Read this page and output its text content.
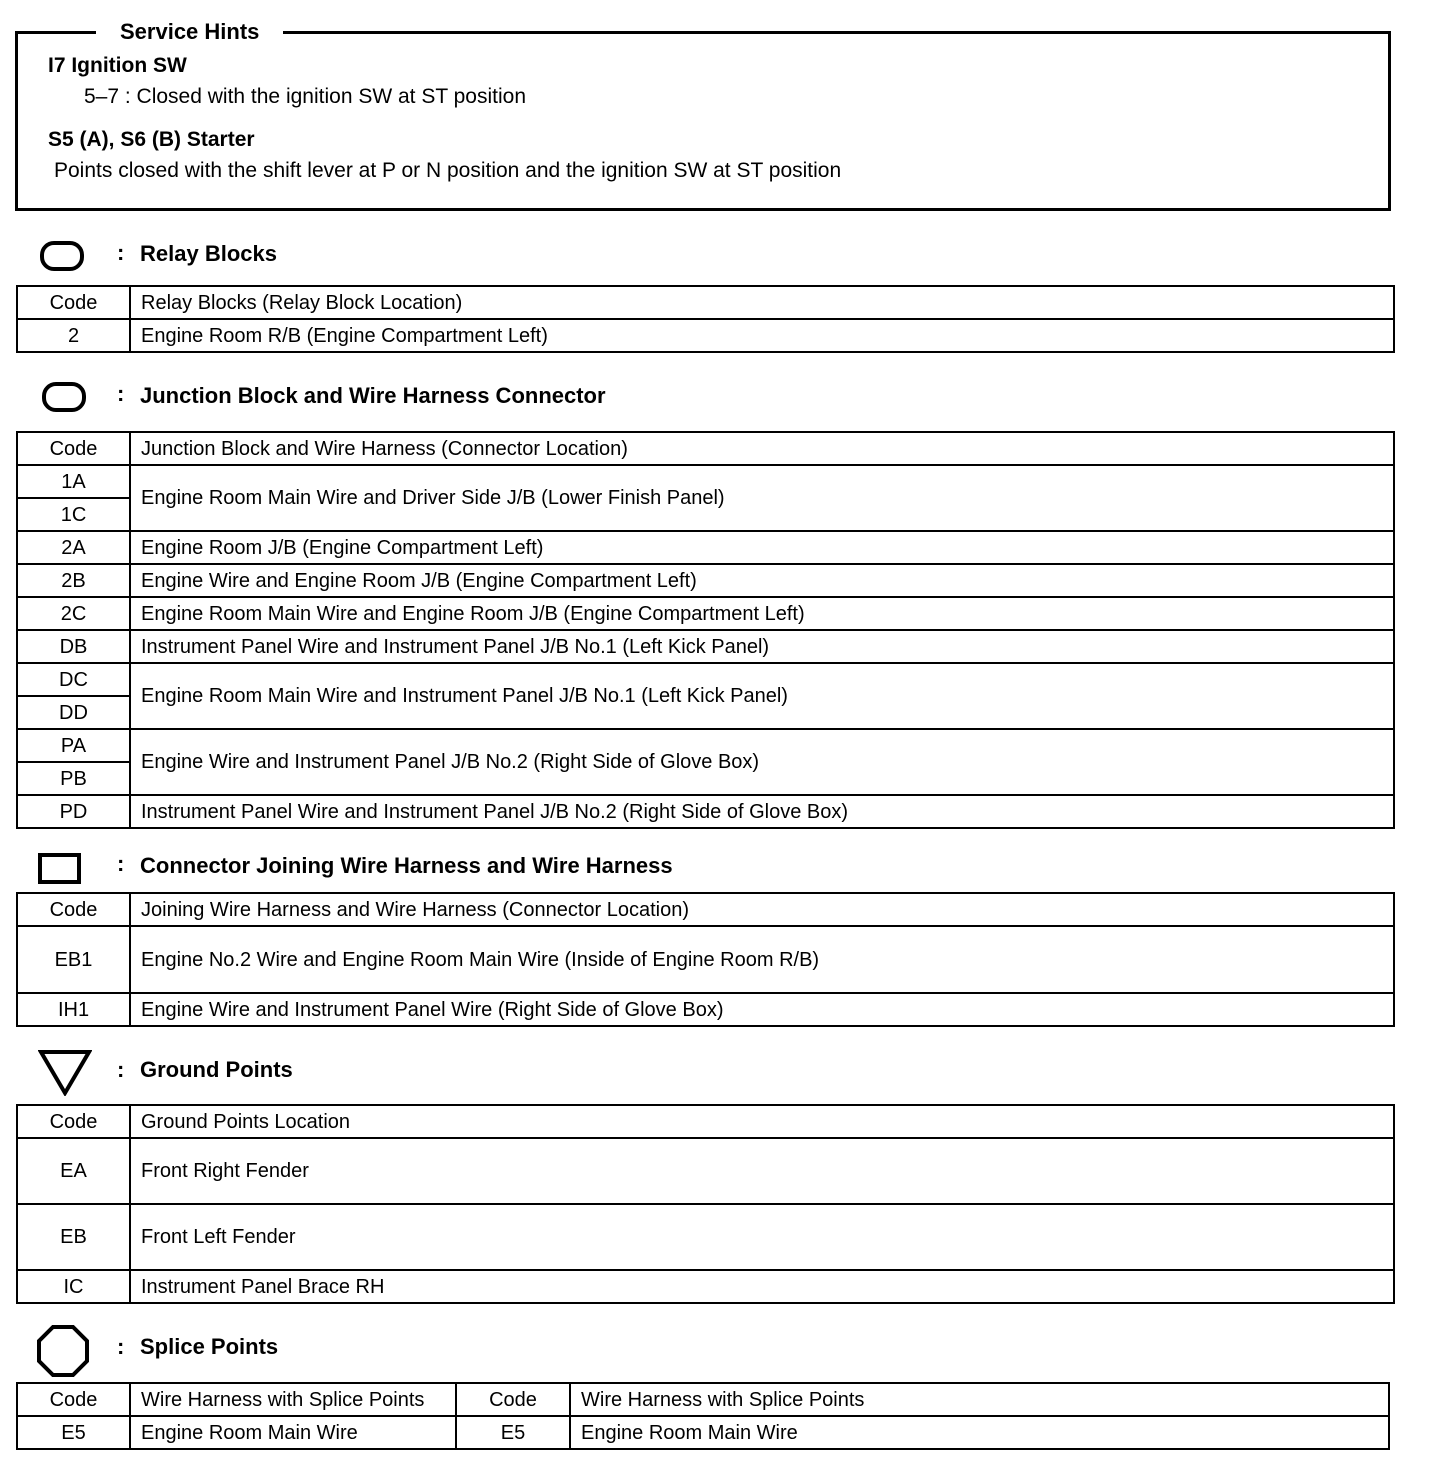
Service Hints
I7 Ignition SW
5–7 : Closed with the ignition SW at ST position
S5 (A), S6 (B) Starter
Points closed with the shift lever at P or N position and the ignition SW at ST position
: Relay Blocks
Code	Relay Blocks (Relay Block Location)
2	Engine Room R/B (Engine Compartment Left)
: Junction Block and Wire Harness Connector
Code	Junction Block and Wire Harness (Connector Location)
1A	Engine Room Main Wire and Driver Side J/B (Lower Finish Panel)
1C	
2A	Engine Room J/B (Engine Compartment Left)
2B	Engine Wire and Engine Room J/B (Engine Compartment Left)
2C	Engine Room Main Wire and Engine Room J/B (Engine Compartment Left)
DB	Instrument Panel Wire and Instrument Panel J/B No.1 (Left Kick Panel)
DC	Engine Room Main Wire and Instrument Panel J/B No.1 (Left Kick Panel)
DD	
PA	Engine Wire and Instrument Panel J/B No.2 (Right Side of Glove Box)
PB	
PD	Instrument Panel Wire and Instrument Panel J/B No.2 (Right Side of Glove Box)
: Connector Joining Wire Harness and Wire Harness
Code	Joining Wire Harness and Wire Harness (Connector Location)
EB1	Engine No.2 Wire and Engine Room Main Wire (Inside of Engine Room R/B)
IH1	Engine Wire and Instrument Panel Wire (Right Side of Glove Box)
: Ground Points
Code	Ground Points Location
EA	Front Right Fender
EB	Front Left Fender
IC	Instrument Panel Brace RH
: Splice Points
Code	Wire Harness with Splice Points	Code	Wire Harness with Splice Points
E5	Engine Room Main Wire	E5	Engine Room Main Wire
